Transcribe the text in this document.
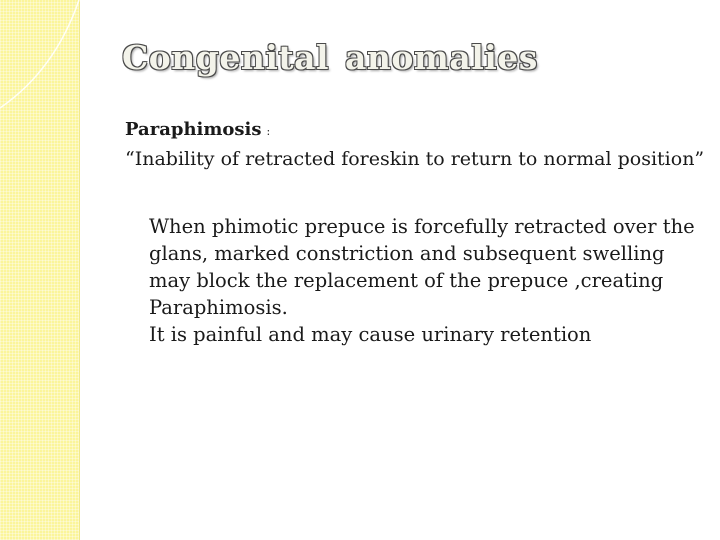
Congenital anomalies
Paraphimosis :

“Inability of retracted foreskin to return to normal position”

When phimotic prepuce is forcefully retracted over the glans, marked constriction and subsequent swelling may block the replacement of the prepuce ,creating Paraphimosis.
It is painful and may cause urinary retention
